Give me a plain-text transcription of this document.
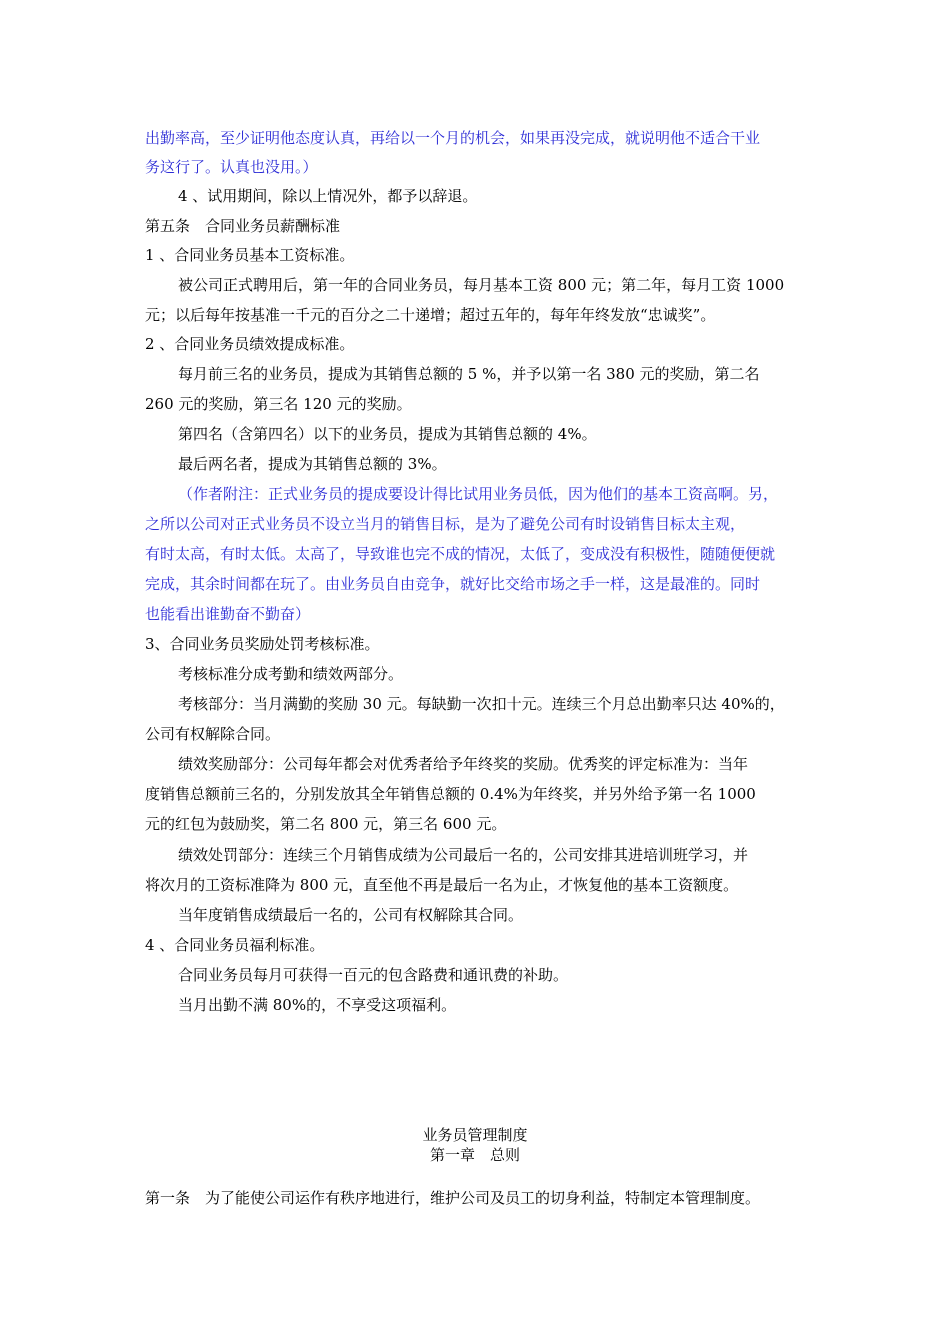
出勤率高，至少证明他态度认真，再给以一个月的机会，如果再没完成，就说明他不适合干业
务这行了。认真也没用。）
4 、试用期间，除以上情况外，都予以辞退。
第五条　合同业务员薪酬标准
1 、合同业务员基本工资标准。
被公司正式聘用后，第一年的合同业务员，每月基本工资 800 元；第二年，每月工资 1000
元；以后每年按基准一千元的百分之二十递增；超过五年的，每年年终发放“忠诚奖”。
2 、合同业务员绩效提成标准。
每月前三名的业务员，提成为其销售总额的 5 %，并予以第一名 380 元的奖励，第二名
260 元的奖励，第三名 120 元的奖励。
第四名（含第四名）以下的业务员，提成为其销售总额的 4%。
最后两名者，提成为其销售总额的 3%。
（作者附注：正式业务员的提成要设计得比试用业务员低，因为他们的基本工资高啊。另，
之所以公司对正式业务员不设立当月的销售目标，是为了避免公司有时设销售目标太主观，
有时太高，有时太低。太高了，导致谁也完不成的情况，太低了，变成没有积极性，随随便便就
完成，其余时间都在玩了。由业务员自由竞争，就好比交给市场之手一样，这是最准的。同时
也能看出谁勤奋不勤奋）
3、合同业务员奖励处罚考核标准。
考核标准分成考勤和绩效两部分。
考核部分：当月满勤的奖励 30 元。每缺勤一次扣十元。连续三个月总出勤率只达 40%的，
公司有权解除合同。
绩效奖励部分：公司每年都会对优秀者给予年终奖的奖励。优秀奖的评定标准为：当年
度销售总额前三名的，分别发放其全年销售总额的 0.4%为年终奖，并另外给予第一名 1000
元的红包为鼓励奖，第二名 800 元，第三名 600 元。
绩效处罚部分：连续三个月销售成绩为公司最后一名的，公司安排其进培训班学习，并
将次月的工资标准降为 800 元，直至他不再是最后一名为止，才恢复他的基本工资额度。
当年度销售成绩最后一名的，公司有权解除其合同。
4 、合同业务员福利标准。
合同业务员每月可获得一百元的包含路费和通讯费的补助。
当月出勤不满 80%的，不享受这项福利。
业务员管理制度
第一章　总则
第一条　为了能使公司运作有秩序地进行，维护公司及员工的切身利益，特制定本管理制度。
